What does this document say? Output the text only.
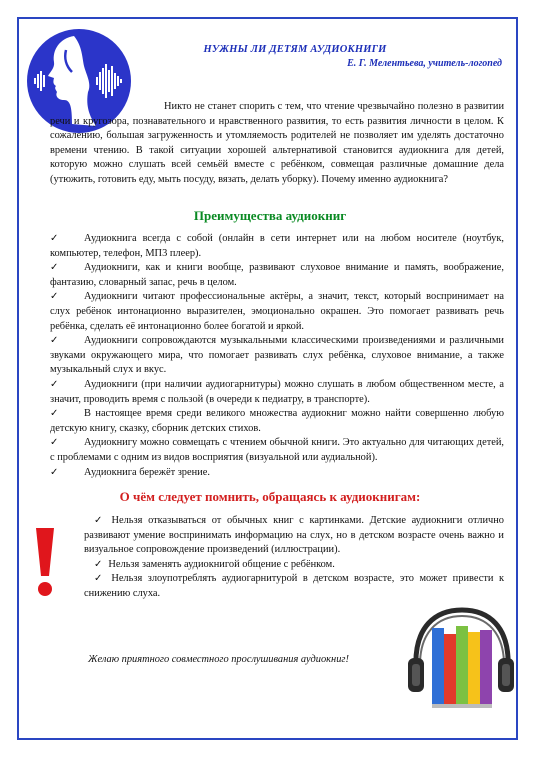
НУЖНЫ ЛИ ДЕТЯМ АУДИОКНИГИ
Е. Г. Мелентьева, учитель-логопед
Никто не станет спорить с тем, что чтение чрезвычайно полезно в развитии речи и кругозора, познавательного и нравственного развития, то есть развития личности в целом. К сожалению, большая загруженность и утомляемость родителей не позволяет им уделять достаточно времени чтению. В такой ситуации хорошей альтернативой становится аудиокнига для детей, которую можно слушать всей семьёй вместе с ребёнком, совмещая различные домашние дела (утюжить, готовить еду, мыть посуду, вязать, делать уборку). Почему именно аудиокнига?
Преимущества аудиокниг
✓ Аудиокнига всегда с собой (онлайн в сети интернет или на любом носителе (ноутбук, компьютер, телефон, МП3 плеер).
✓ Аудиокниги, как и книги вообще, развивают слуховое внимание и память, воображение, фантазию, словарный запас, речь в целом.
✓ Аудиокниги читают профессиональные актёры, а значит, текст, который воспринимает на слух ребёнок интонационно выразителен, эмоционально окрашен. Это помогает развивать речь ребёнка, сделать её интонационно более богатой и яркой.
✓ Аудиокниги сопровождаются музыкальными классическими произведениями и различными звуками окружающего мира, что помогает развивать слух ребёнка, слуховое внимание, а также музыкальный слух и вкус.
✓ Аудиокниги (при наличии аудиогарнитуры) можно слушать в любом общественном месте, а значит, проводить время с пользой (в очереди к педиатру, в транспорте).
✓ В настоящее время среди великого множества аудиокниг можно найти совершенно любую детскую книгу, сказку, сборник детских стихов.
✓ Аудиокнигу можно совмещать с чтением обычной книги. Это актуально для читающих детей, с проблемами с одним из видов восприятия (визуальной или аудиальной).
✓ Аудиокнига бережёт зрение.
О чём следует помнить, обращаясь к аудиокнигам:
✓ Нельзя отказываться от обычных книг с картинками. Детские аудиокниги отлично развивают умение воспринимать информацию на слух, но в детском возрасте очень важно и визуальное сопровождение произведений (иллюстрации).
✓ Нельзя заменять аудиокнигой общение с ребёнком.
✓ Нельзя злоупотреблять аудиогарнитурой в детском возрасте, это может привести к снижению слуха.
Желаю приятного совместного прослушивания аудиокниг!
